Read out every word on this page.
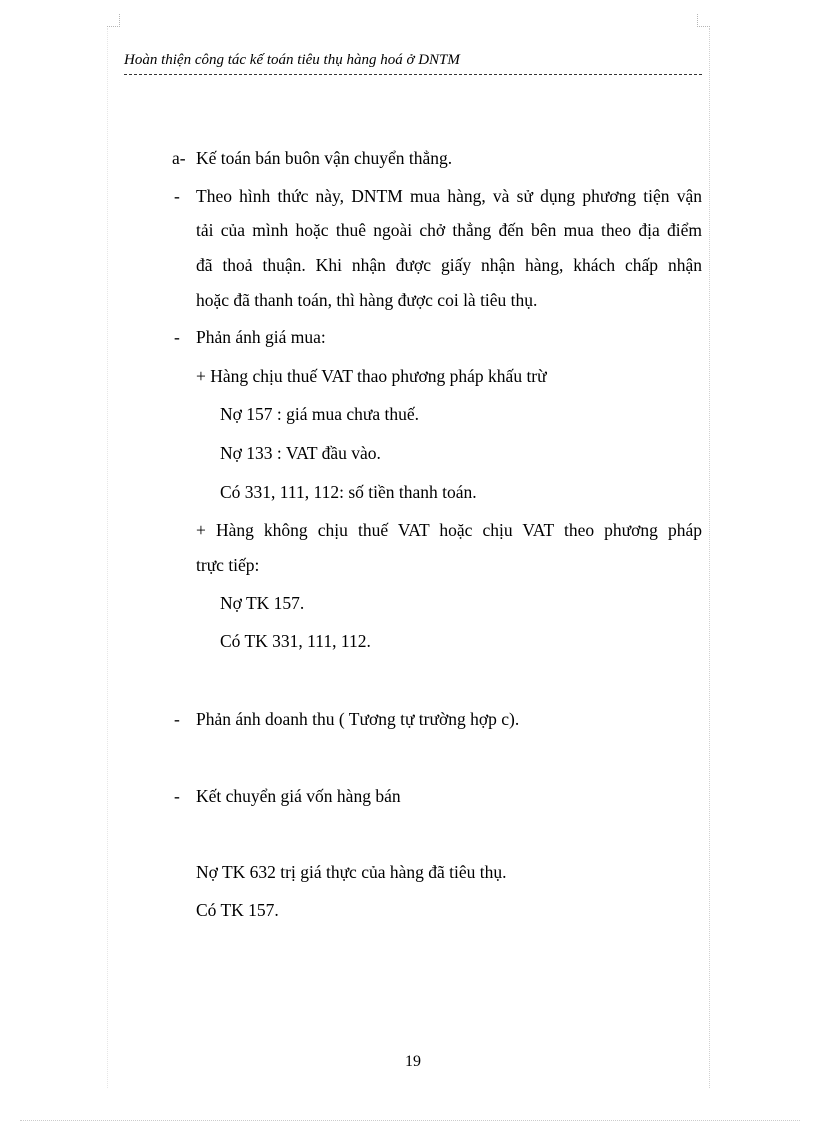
Hoàn thiện công tác kế toán tiêu thụ hàng hoá ở DNTM
a- Kế toán bán buôn vận chuyển thẳng.
- Theo hình thức này, DNTM mua hàng, và sử dụng phương tiện vận
tải của mình hoặc thuê ngoài chở thẳng đến bên mua theo địa điểm
đã thoả thuận. Khi nhận được giấy nhận hàng, khách chấp nhận
hoặc đã thanh toán, thì hàng được coi là tiêu thụ.
- Phản ánh giá mua:
+ Hàng chịu thuế VAT thao phương pháp khấu trừ
Nợ 157 : giá mua chưa thuế.
Nợ 133 : VAT đầu vào.
Có 331, 111, 112: số tiền thanh toán.
+ Hàng không chịu thuế VAT hoặc chịu VAT theo phương pháp
trực tiếp:
Nợ TK 157.
Có TK 331, 111, 112.
- Phản ánh doanh thu ( Tương tự trường hợp c).
- Kết chuyển giá vốn hàng bán
Nợ TK 632 trị giá thực của hàng đã tiêu thụ.
Có TK 157.
19
